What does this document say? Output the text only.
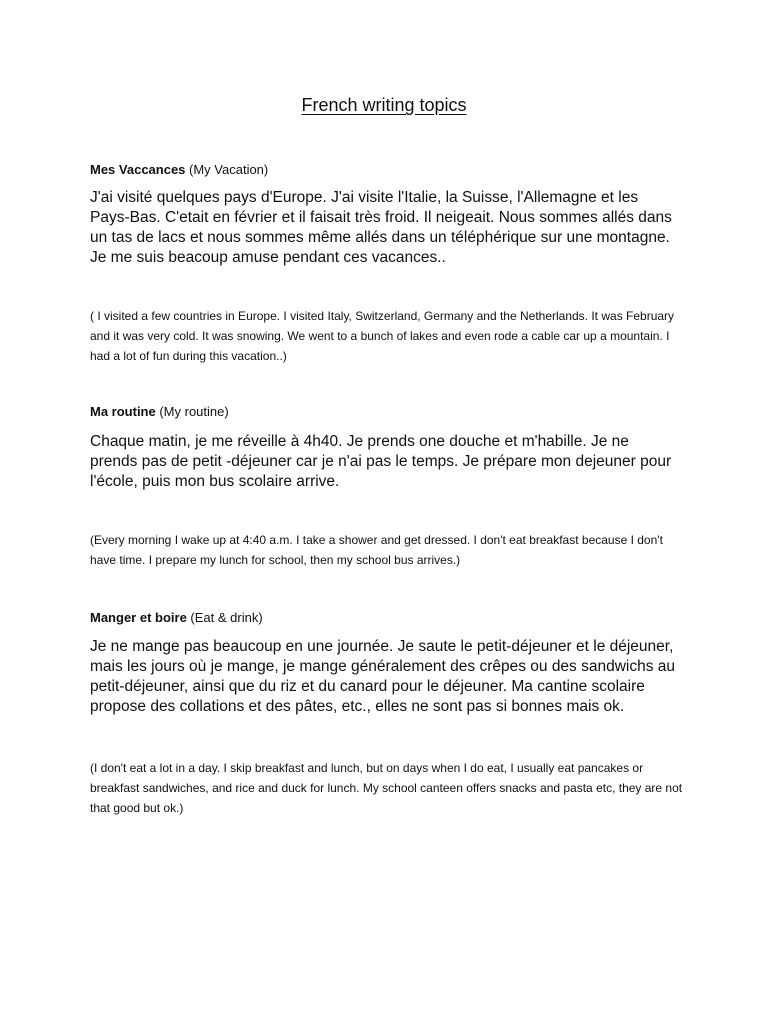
French writing topics

Mes Vaccances (My Vacation)

J'ai visité quelques pays d'Europe. J'ai visite l'Italie, la Suisse, l'Allemagne et les Pays-Bas. C'etait en février et il faisait très froid. Il neigeait. Nous sommes allés dans un tas de lacs et nous sommes même allés dans un téléphérique sur une montagne. Je me suis beacoup amuse pendant ces vacances..

( I visited a few countries in Europe. I visited Italy, Switzerland, Germany and the Netherlands. It was February and it was very cold. It was snowing. We went to a bunch of lakes and even rode a cable car up a mountain. I had a lot of fun during this vacation..)

Ma routine (My routine)

Chaque matin, je me réveille à 4h40. Je prends one douche et m'habille. Je ne prends pas de petit -déjeuner car je n'ai pas le temps. Je prépare mon dejeuner pour l'école, puis mon bus scolaire arrive.

(Every morning I wake up at 4:40 a.m. I take a shower and get dressed. I don't eat breakfast because I don't have time. I prepare my lunch for school, then my school bus arrives.)

Manger et boire (Eat & drink)

Je ne mange pas beaucoup en une journée. Je saute le petit-déjeuner et le déjeuner, mais les jours où je mange, je mange généralement des crêpes ou des sandwichs au petit-déjeuner, ainsi que du riz et du canard pour le déjeuner. Ma cantine scolaire propose des collations et des pâtes, etc., elles ne sont pas si bonnes mais ok.

(I don't eat a lot in a day. I skip breakfast and lunch, but on days when I do eat, I usually eat pancakes or breakfast sandwiches, and rice and duck for lunch. My school canteen offers snacks and pasta etc, they are not that good but ok.)
